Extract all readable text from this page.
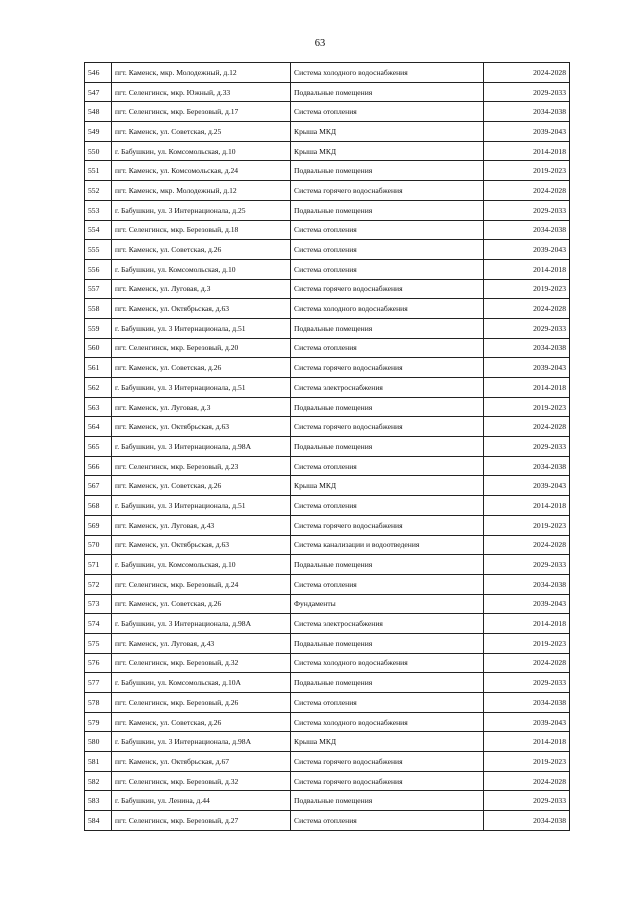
63
546	пгт. Каменск, мкр. Молодежный, д.12	Система холодного водоснабжения	2024-2028
547	пгт. Селенгинск, мкр. Южный, д.33	Подвальные помещения	2029-2033
548	пгт. Селенгинск, мкр. Березовый, д.17	Система отопления	2034-2038
549	пгт. Каменск, ул. Советская, д.25	Крыша МКД	2039-2043
550	г. Бабушкин, ул. Комсомольская, д.10	Крыша МКД	2014-2018
551	пгт. Каменск, ул. Комсомольская, д.24	Подвальные помещения	2019-2023
552	пгт. Каменск, мкр. Молодежный, д.12	Система горячего водоснабжения	2024-2028
553	г. Бабушкин, ул. 3 Интернационала, д.25	Подвальные помещения	2029-2033
554	пгт. Селенгинск, мкр. Березовый, д.18	Система отопления	2034-2038
555	пгт. Каменск, ул. Советская, д.26	Система отопления	2039-2043
556	г. Бабушкин, ул. Комсомольская, д.10	Система отопления	2014-2018
557	пгт. Каменск, ул. Луговая, д.3	Система горячего водоснабжения	2019-2023
558	пгт. Каменск, ул. Октябрьская, д.63	Система холодного водоснабжения	2024-2028
559	г. Бабушкин, ул. 3 Интернационала, д.51	Подвальные помещения	2029-2033
560	пгт. Селенгинск, мкр. Березовый, д.20	Система отопления	2034-2038
561	пгт. Каменск, ул. Советская, д.26	Система горячего водоснабжения	2039-2043
562	г. Бабушкин, ул. 3 Интернационала, д.51	Система электроснабжения	2014-2018
563	пгт. Каменск, ул. Луговая, д.3	Подвальные помещения	2019-2023
564	пгт. Каменск, ул. Октябрьская, д.63	Система горячего водоснабжения	2024-2028
565	г. Бабушкин, ул. 3 Интернационала, д.98А	Подвальные помещения	2029-2033
566	пгт. Селенгинск, мкр. Березовый, д.23	Система отопления	2034-2038
567	пгт. Каменск, ул. Советская, д.26	Крыша МКД	2039-2043
568	г. Бабушкин, ул. 3 Интернационала, д.51	Система отопления	2014-2018
569	пгт. Каменск, ул. Луговая, д.43	Система горячего водоснабжения	2019-2023
570	пгт. Каменск, ул. Октябрьская, д.63	Система канализации и водоотведения	2024-2028
571	г. Бабушкин, ул. Комсомольская, д.10	Подвальные помещения	2029-2033
572	пгт. Селенгинск, мкр. Березовый, д.24	Система отопления	2034-2038
573	пгт. Каменск, ул. Советская, д.26	Фундаменты	2039-2043
574	г. Бабушкин, ул. 3 Интернационала, д.98А	Система электроснабжения	2014-2018
575	пгт. Каменск, ул. Луговая, д.43	Подвальные помещения	2019-2023
576	пгт. Селенгинск, мкр. Березовый, д.32	Система холодного водоснабжения	2024-2028
577	г. Бабушкин, ул. Комсомольская, д.10А	Подвальные помещения	2029-2033
578	пгт. Селенгинск, мкр. Березовый, д.26	Система отопления	2034-2038
579	пгт. Каменск, ул. Советская, д.26	Система холодного водоснабжения	2039-2043
580	г. Бабушкин, ул. 3 Интернационала, д.98А	Крыша МКД	2014-2018
581	пгт. Каменск, ул. Октябрьская, д.67	Система горячего водоснабжения	2019-2023
582	пгт. Селенгинск, мкр. Березовый, д.32	Система горячего водоснабжения	2024-2028
583	г. Бабушкин, ул. Ленина, д.44	Подвальные помещения	2029-2033
584	пгт. Селенгинск, мкр. Березовый, д.27	Система отопления	2034-2038
